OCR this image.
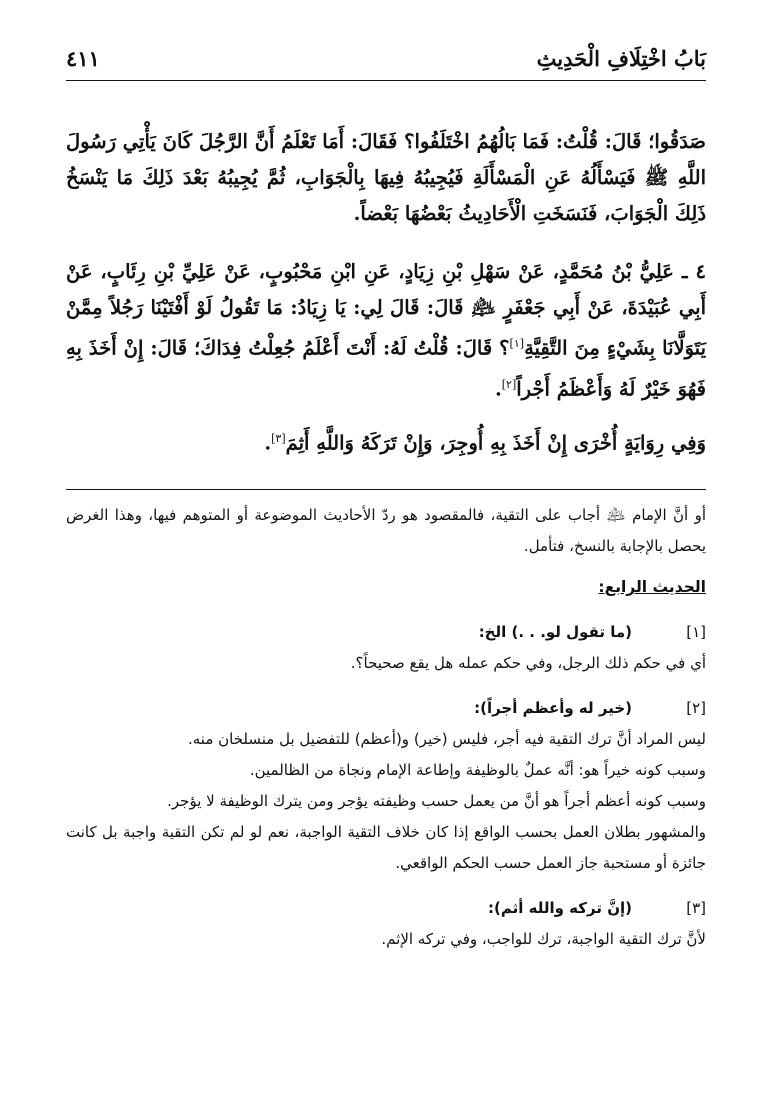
بَابُ اخْتِلَافِ الْحَدِيثِ
٤١١

صَدَقُوا؛ قَالَ: قُلْتُ: فَمَا بَالُهُمُ اخْتَلَفُوا؟ فَقَالَ: أَمَا تَعْلَمُ أَنَّ الرَّجُلَ كَانَ يَأْتِي رَسُولَ اللَّهِ ﷺ فَيَسْأَلُهُ عَنِ الْمَسْأَلَةِ فَيُجِيبُهُ فِيهَا بِالْجَوَابِ، ثُمَّ يُجِيبُهُ بَعْدَ ذَلِكَ مَا يَنْسَخُ ذَلِكَ الْجَوَابَ، فَنَسَخَتِ الْأَحَادِيثُ بَعْضُهَا بَعْضاً.

٤ ـ عَلِيُّ بْنُ مُحَمَّدٍ، عَنْ سَهْلِ بْنِ زِيَادٍ، عَنِ ابْنِ مَحْبُوبٍ، عَنْ عَلِيِّ بْنِ رِئَابٍ، عَنْ أَبِي عُبَيْدَةَ، عَنْ أَبِي جَعْفَرٍ ﵇ قَالَ: قَالَ لِي: يَا زِيَادُ: مَا تَقُولُ لَوْ أَفْتَيْنَا رَجُلاً مِمَّنْ يَتَوَلَّانَا بِشَيْءٍ مِنَ التَّقِيَّةِ[١]؟ قَالَ: قُلْتُ لَهُ: أَنْتَ أَعْلَمُ جُعِلْتُ فِدَاكَ؛ قَالَ: إِنْ أَخَذَ بِهِ فَهُوَ خَيْرٌ لَهُ وَأَعْظَمُ أَجْراً[٢].

وَفِي رِوَايَةٍ أُخْرَى إِنْ أَخَذَ بِهِ أُوجِرَ، وَإِنْ تَرَكَهُ وَاللَّهِ أَثِمَ[٣].

أو أنَّ الإمام ﵇ أجاب على التقية، فالمقصود هو ردّ الأحاديث الموضوعة أو المتوهم فيها، وهذا الغرض يحصل بالإجابة بالنسخ، فتأمل.

الحديث الرابع:

[١]
(ما تقول لو. . .) الخ:

أي في حكم ذلك الرجل، وفي حكم عمله هل يقع صحيحاً؟.

[٢]
(خير له وأعظم أجراً):

ليس المراد أنَّ ترك التقية فيه أجر، فليس (خير) و(أعظم) للتفضيل بل منسلخان منه.

وسبب كونه خيراً هو: أنَّه عملٌ بالوظيفة وإطاعة الإمام ونجاة من الظالمين.

وسبب كونه أعظم أجراً هو أنَّ من يعمل حسب وظيفته يؤجر ومن يترك الوظيفة لا يؤجر.

والمشهور بطلان العمل بحسب الواقع إذا كان خلاف التقية الواجبة، نعم لو لم تكن التقية واجبة بل كانت جائزة أو مستحبة جاز العمل حسب الحكم الواقعي.

[٣]
(إنَّ تركه والله أثم):

لأنَّ ترك التقية الواجبة، ترك للواجب، وفي تركه الإثم.
